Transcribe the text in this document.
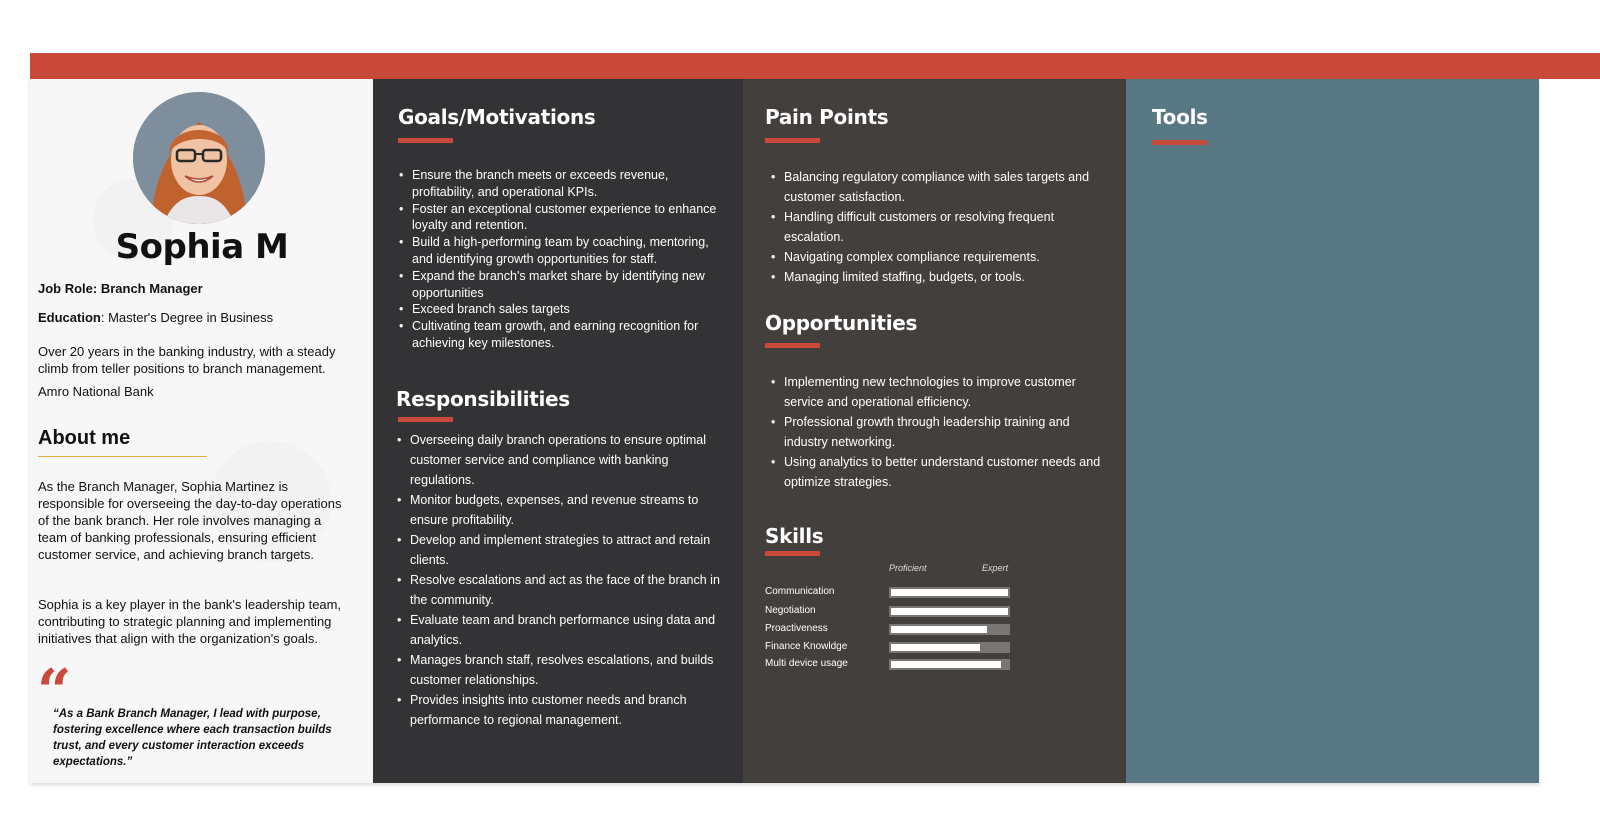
Sophia M
Job Role: Branch Manager
Education: Master's Degree in Business
Over 20 years in the banking industry, with a steady climb from teller positions to branch management.
Amro National Bank
About me
As the Branch Manager, Sophia Martinez is responsible for overseeing the day-to-day operations of the bank branch. Her role involves managing a team of banking professionals, ensuring efficient customer service, and achieving branch targets.
Sophia is a key player in the bank's leadership team, contributing to strategic planning and implementing initiatives that align with the organization's goals.
“
“As a Bank Branch Manager, I lead with purpose, fostering excellence where each transaction builds trust, and every customer interaction exceeds expectations.”
Goals/Motivations
• Ensure the branch meets or exceeds revenue, profitability, and operational KPIs.
• Foster an exceptional customer experience to enhance loyalty and retention.
• Build a high-performing team by coaching, mentoring, and identifying growth opportunities for staff.
• Expand the branch's market share by identifying new opportunities
• Exceed branch sales targets
• Cultivating team growth, and earning recognition for achieving key milestones.
Responsibilities
• Overseeing daily branch operations to ensure optimal customer service and compliance with banking regulations.
• Monitor budgets, expenses, and revenue streams to ensure profitability.
• Develop and implement strategies to attract and retain clients.
• Resolve escalations and act as the face of the branch in the community.
• Evaluate team and branch performance using data and analytics.
• Manages branch staff, resolves escalations, and builds customer relationships.
• Provides insights into customer needs and branch performance to regional management.
Pain Points
• Balancing regulatory compliance with sales targets and customer satisfaction.
• Handling difficult customers or resolving frequent escalation.
• Navigating complex compliance requirements.
• Managing limited staffing, budgets, or tools.
Opportunities
• Implementing new technologies to improve customer service and operational efficiency.
• Professional growth through leadership training and industry networking.
• Using analytics to better understand customer needs and optimize strategies.
Skills
Proficient	Expert
Communication
Negotiation
Proactiveness
Finance Knowldge
Multi device usage
Tools
